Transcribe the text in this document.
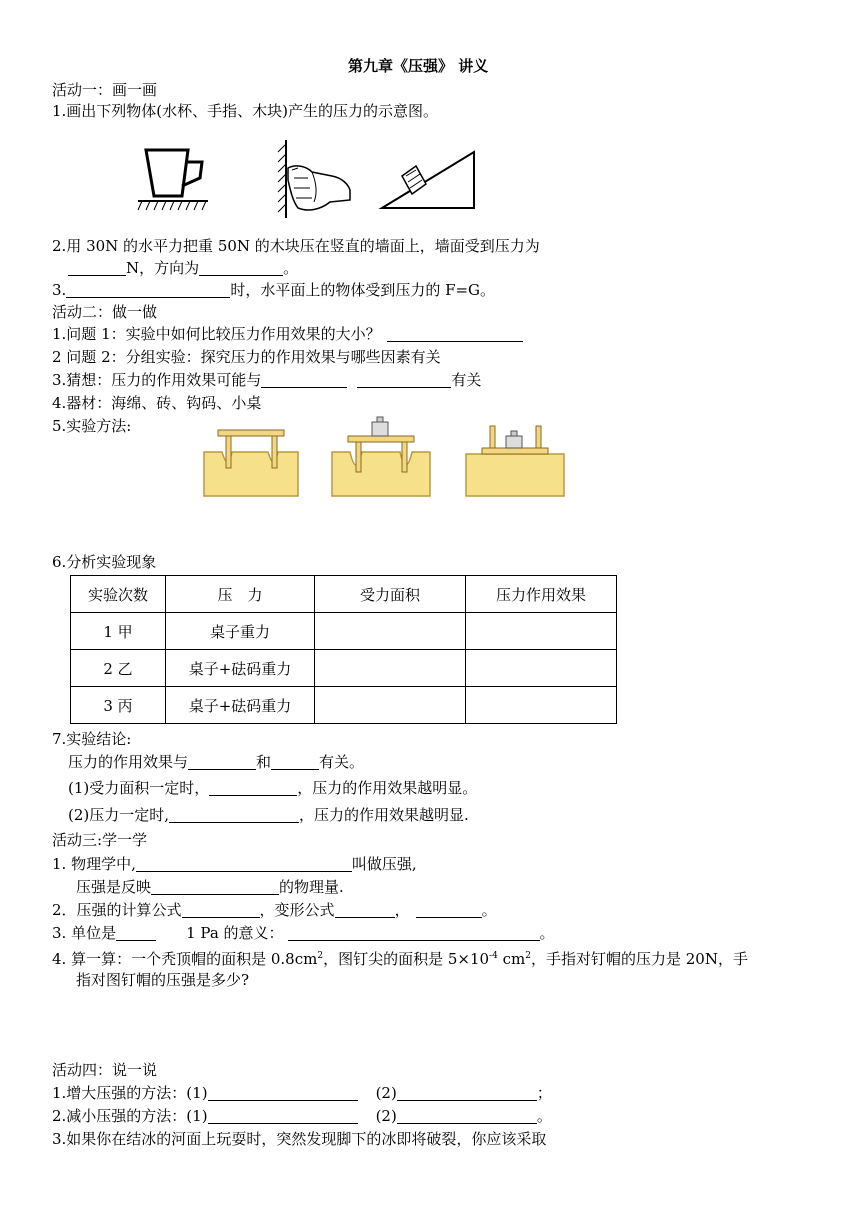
第九章《压强》 讲义
活动一：画一画
1.画出下列物体(水杯、手指、木块)产生的压力的示意图。
2.用 30N 的水平力把重 50N 的木块压在竖直的墙面上，墙面受到压力为
N，方向为	。
3.	时，水平面上的物体受到压力的 F=G。
活动二：做一做
1.问题 1：实验中如何比较压力作用效果的大小？
2 问题 2：分组实验：探究压力的作用效果与哪些因素有关
3.猜想：压力的作用效果可能与	有关
4.器材：海绵、砖、钩码、小桌
5.实验方法:
6.分析实验现象
实验次数	压　力	受力面积	压力作用效果
1 甲	桌子重力		
2 乙	桌子+砝码重力		
3 丙	桌子+砝码重力		
7.实验结论:
压力的作用效果与	和	有关。
(1)受力面积一定时，	，压力的作用效果越明显。
(2)压力一定时,	，压力的作用效果越明显.
活动三:学一学
1. 物理学中,	叫做压强,
压强是反映	的物理量.
2．压强的计算公式	，变形公式	，	。
3. 单位是	1 Pa 的意义：	。
4. 算一算：一个秃顶帽的面积是 $0.8cm^2$，图钉尖的面积是 $5\times 10^{-4}$ $cm^2$，手指对钉帽的压力是 20N，手
指对图钉帽的压强是多少?
活动四：说一说
1.增大压强的方法：(1)	(2)	；
2.减小压强的方法：(1)	(2)	。
3.如果你在结冰的河面上玩耍时，突然发现脚下的冰即将破裂，你应该采取
